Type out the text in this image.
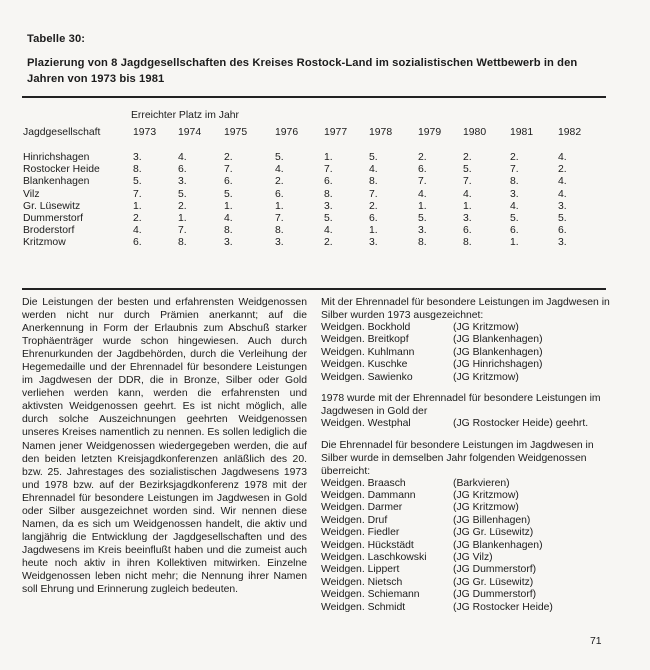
Tabelle 30:
Plazierung von 8 Jagdgesellschaften des Kreises Rostock-Land im sozialistischen Wettbewerb in den Jahren von 1973 bis 1981
Erreichter Platz im Jahr
Jagdgesellschaft	1973 1974 1975	1976 1977 1978 1979 1980 1981 1982
Hinrichshagen	3.	4.	2.	5.	1.	5.	2.	2.	2.	4.
Rostocker Heide	8.	6.	7.	4.	7.	4.	6.	5.	7.	2.
Blankenhagen	5.	3.	6.	2.	6.	8.	7.	7.	8.	4.
Vilz	7.	5.	5.	6.	8.	7.	4.	4.	3.	4.
Gr. Lüsewitz	1.	2.	1.	1.	3.	2.	1.	1.	4.	3.
Dummerstorf	2.	1.	4.	7.	5.	6.	5.	3.	5.	5.
Broderstorf	4.	7.	8.	8.	4.	1.	3.	6.	6.	6.
Kritzmow	6.	8.	3.	3.	2.	3.	8.	8.	1.	3.

Die Leistungen der besten und erfahrensten Weidgenossen werden nicht nur durch Prämien anerkannt; auf die Anerkennung in Form der Erlaubnis zum Abschuß starker Trophäenträger wurde schon hingewiesen. Auch durch Ehrenurkunden der Jagdbehörden, durch die Verleihung der Hegemedaille und der Ehrennadel für besondere Leistungen im Jagdwesen der DDR, die in Bronze, Silber oder Gold verliehen werden kann, werden die erfahrensten und aktivsten Weidgenossen geehrt. Es ist nicht möglich, alle durch solche Auszeichnungen geehrten Weidgenossen unseres Kreises namentlich zu nennen. Es sollen lediglich die Namen jener Weidgenossen wiedergegeben werden, die auf den beiden letzten Kreisjagdkonferenzen anläßlich des 20. bzw. 25. Jahrestages des sozialistischen Jagdwesens 1973 und 1978 bzw. auf der Bezirksjagdkonferenz 1978 mit der Ehrennadel für besondere Leistungen im Jagdwesen in Gold oder Silber ausgezeichnet worden sind. Wir nennen diese Namen, da es sich um Weidgenossen handelt, die aktiv und langjährig die Entwicklung der Jagdgesellschaften und des Jagdwesens im Kreis beeinflußt haben und die zumeist auch heute noch aktiv in ihren Kollektiven mitwirken. Einzelne Weidgenossen leben nicht mehr; die Nennung ihrer Namen soll Ehrung und Erinnerung zugleich bedeuten.

Mit der Ehrennadel für besondere Leistungen im Jagdwesen in Silber wurden 1973 ausgezeichnet:

Weidgen. Bockhold	(JG Kritzmow)
Weidgen. Breitkopf	(JG Blankenhagen)
Weidgen. Kuhlmann	(JG Blankenhagen)
Weidgen. Kuschke	(JG Hinrichshagen)
Weidgen. Sawienko	(JG Kritzmow)

1978 wurde mit der Ehrennadel für besondere Leistungen im Jagdwesen in Gold der

Weidgen. Westphal	(JG Rostocker Heide) geehrt.

Die Ehrennadel für besondere Leistungen im Jagdwesen in Silber wurde in demselben Jahr folgenden Weidgenossen überreicht:

Weidgen. Braasch	(Barkvieren)
Weidgen. Dammann	(JG Kritzmow)
Weidgen. Darmer	(JG Kritzmow)
Weidgen. Druf	(JG Billenhagen)
Weidgen. Fiedler	(JG Gr. Lüsewitz)
Weidgen. Hückstädt	(JG Blankenhagen)
Weidgen. Laschkowski	(JG Vilz)
Weidgen. Lippert	(JG Dummerstorf)
Weidgen. Nietsch	(JG Gr. Lüsewitz)
Weidgen. Schiemann	(JG Dummerstorf)
Weidgen. Schmidt	(JG Rostocker Heide)
71
